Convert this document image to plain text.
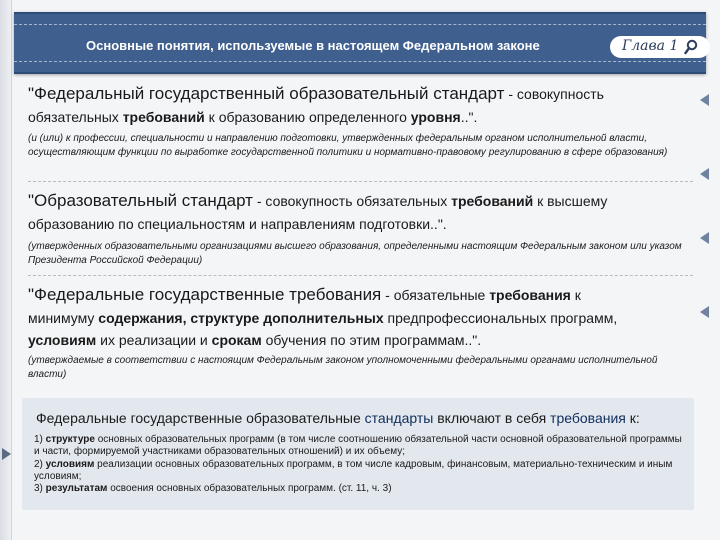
Основные понятия, используемые в настоящем Федеральном законе	Глава 1
"Федеральный государственный образовательный стандарт - совокупность
обязательных требований к образованию определенного уровня..".
(и (или) к профессии, специальности и направлению подготовки, утвержденных федеральным органом исполнительной власти, осуществляющим функции по выработке государственной политики и нормативно-правовому регулированию в сфере образования)
"Образовательный стандарт - совокупность обязательных требований к высшему
образованию по специальностям и направлениям подготовки..".
(утвержденных образовательными организациями высшего образования, определенными настоящим Федеральным законом или указом Президента Российской Федерации)
"Федеральные государственные требования - обязательные требования к
минимуму содержания, структуре дополнительных предпрофессиональных программ,
условиям их реализации и срокам обучения по этим программам..".
(утверждаемые в соответствии с настоящим Федеральным законом уполномоченными федеральными органами исполнительной власти)
Федеральные государственные образовательные стандарты включают в себя требования к:
1) структуре основных образовательных программ (в том числе соотношению обязательной части основной образовательной программы и части, формируемой участниками образовательных отношений) и их объему;
2) условиям реализации основных образовательных программ, в том числе кадровым, финансовым, материально-техническим и иным условиям;
3) результатам освоения основных образовательных программ. (ст. 11, ч. 3)
